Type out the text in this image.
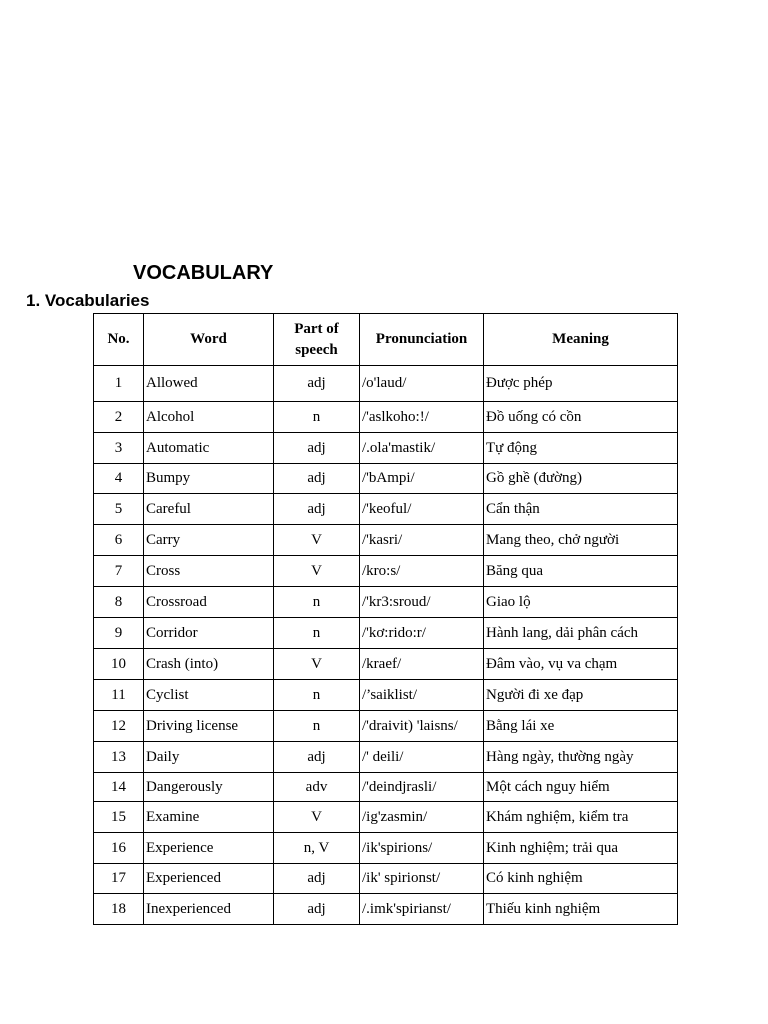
VOCABULARY
1. Vocabularies
No.	Word	Part of speech	Pronunciation	Meaning
1	Allowed	adj	/o'laud/	Được phép
2	Alcohol	n	/'aslkoho:!/	Đồ uống có cồn
3	Automatic	adj	/.ola'mastik/	Tự động
4	Bumpy	adj	/'bAmpi/	Gồ ghề (đường)
5	Careful	adj	/'keoful/	Cẩn thận
6	Carry	V	/'kasri/	Mang theo, chở người
7	Cross	V	/kro:s/	Băng qua
8	Crossroad	n	/'kr3:sroud/	Giao lộ
9	Corridor	n	/'kơ:rido:r/	Hành lang, dải phân cách
10	Crash (into)	V	/kraef/	Đâm vào, vụ va chạm
11	Cyclist	n	/’saiklist/	Người đi xe đạp
12	Driving license	n	/'draivit) 'laisns/	Bằng lái xe
13	Daily	adj	/' deili/	Hàng ngày, thường ngày
14	Dangerously	adv	/'deindjrasli/	Một cách nguy hiểm
15	Examine	V	/ig'zasmin/	Khám nghiệm, kiểm tra
16	Experience	n, V	/ik'spirions/	Kinh nghiệm; trải qua
17	Experienced	adj	/ik' spirionst/	Có kinh nghiệm
18	Inexperienced	adj	/.imk'spirianst/	Thiếu kinh nghiệm
